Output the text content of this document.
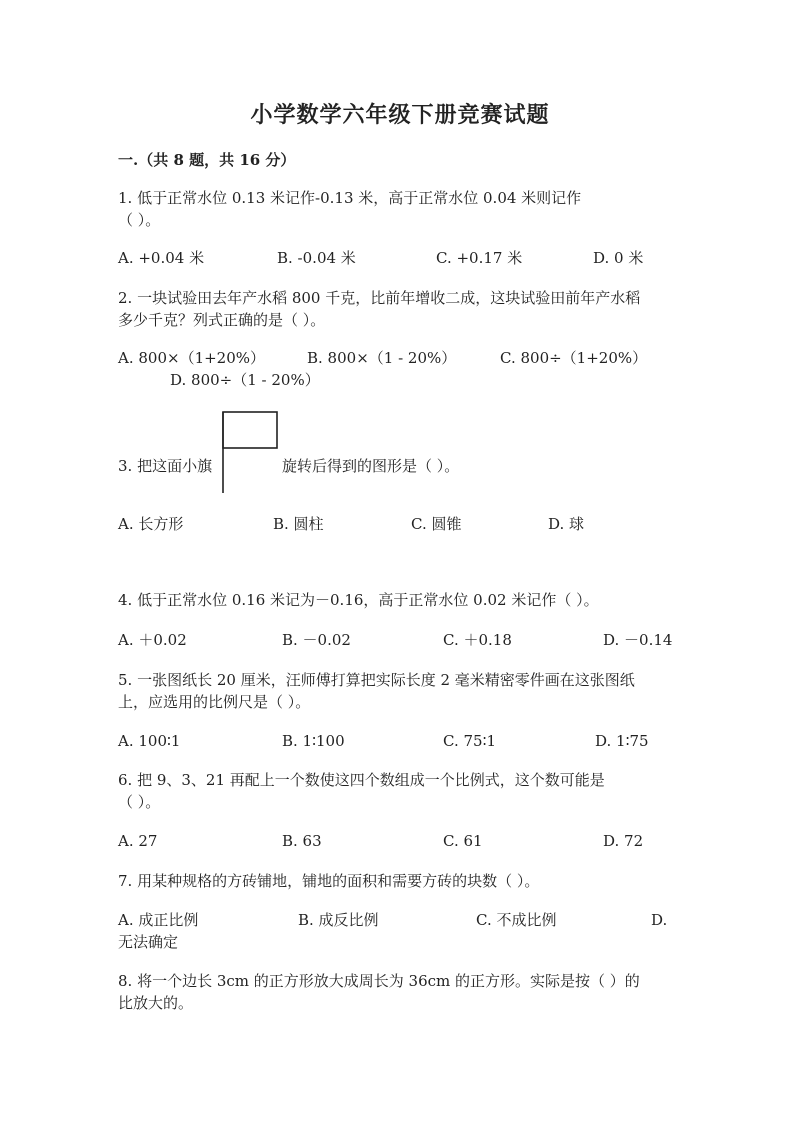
小学数学六年级下册竞赛试题
一.（共 8 题，共 16 分）
1. 低于正常水位 0.13 米记作-0.13 米，高于正常水位 0.04 米则记作
（ ）。
A. +0.04 米	B. -0.04 米	C. +0.17 米	D. 0 米
2. 一块试验田去年产水稻 800 千克，比前年增收二成，这块试验田前年产水稻
多少千克？列式正确的是（ ）。
A. 800×（1+20%）	B. 800×（1 - 20%）	C. 800÷（1+20%）
D. 800÷（1 - 20%）
3. 把这面小旗	旋转后得到的图形是（ ）。
A. 长方形	B. 圆柱	C. 圆锥	D. 球
4. 低于正常水位 0.16 米记为－0.16，高于正常水位 0.02 米记作（ ）。
A. ＋0.02	B. －0.02	C. ＋0.18	D. －0.14
5. 一张图纸长 20 厘米，汪师傅打算把实际长度 2 毫米精密零件画在这张图纸
上，应选用的比例尺是（ ）。
A. 100∶1	B. 1∶100	C. 75∶1	D. 1∶75
6. 把 9、3、21 再配上一个数使这四个数组成一个比例式，这个数可能是
（ ）。
A. 27	B. 63	C. 61	D. 72
7. 用某种规格的方砖铺地，铺地的面积和需要方砖的块数（ ）。
A. 成正比例	B. 成反比例	C. 不成比例	D.
无法确定
8. 将一个边长 3cm 的正方形放大成周长为 36cm 的正方形。实际是按（ ）的
比放大的。
